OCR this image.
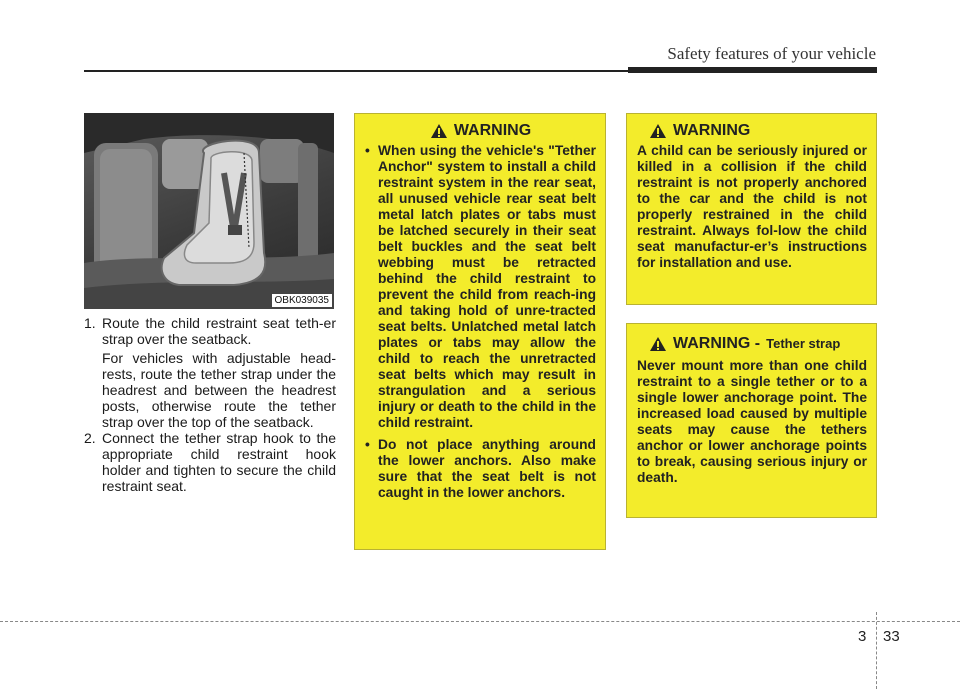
Safety features of your vehicle
OBK039035
1. Route the child restraint seat teth-er strap over the seatback.
For vehicles with adjustable head-rests, route the tether strap under the headrest and between the headrest posts, otherwise route the tether strap over the top of the seatback.
2. Connect the tether strap hook to the appropriate child restraint hook holder and tighten to secure the child restraint seat.
WARNING
• When using the vehicle's "Tether Anchor" system to install a child restraint system in the rear seat, all unused vehicle rear seat belt metal latch plates or tabs must be latched securely in their seat belt buckles and the seat belt webbing must be retracted behind the child restraint to prevent the child from reach-ing and taking hold of unre-tracted seat belts. Unlatched metal latch plates or tabs may allow the child to reach the unretracted seat belts which may result in strangulation and a serious injury or death to the child in the child restraint.
• Do not place anything around the lower anchors. Also make sure that the seat belt is not caught in the lower anchors.
WARNING
A child can be seriously injured or killed in a collision if the child restraint is not properly anchored to the car and the child is not properly restrained in the child restraint. Always fol-low the child seat manufactur-er’s instructions for installation and use.
WARNING - Tether strap
Never mount more than one child restraint to a single tether or to a single lower anchorage point. The increased load caused by multiple seats may cause the tethers anchor or lower anchorage points to break, causing serious injury or death.
3 33
